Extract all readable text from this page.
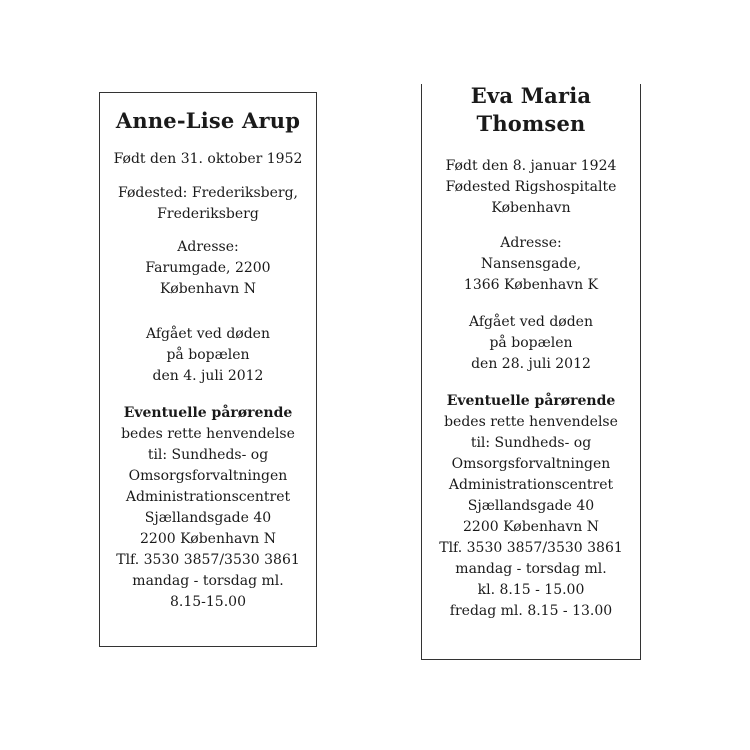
Anne-Lise Arup

Født den 31. oktober 1952

Fødested: Frederiksberg,
Frederiksberg

Adresse:
Farumgade, 2200
København N

Afgået ved døden
på bopælen
den 4. juli 2012

Eventuelle pårørende
bedes rette henvendelse
til: Sundheds- og
Omsorgsforvaltningen
Administrationscentret
Sjællandsgade 40
2200 København N
Tlf. 3530 3857/3530 3861
mandag - torsdag ml.
8.15-15.00

Eva Maria Thomsen

Født den 8. januar 1924
Fødested Rigshospitalte
København

Adresse:
Nansensgade,
1366 København K

Afgået ved døden
på bopælen
den 28. juli 2012

Eventuelle pårørende
bedes rette henvendelse
til: Sundheds- og
Omsorgsforvaltningen
Administrationscentret
Sjællandsgade 40
2200 København N
Tlf. 3530 3857/3530 3861
mandag - torsdag ml.
kl. 8.15 - 15.00
fredag ml. 8.15 - 13.00
